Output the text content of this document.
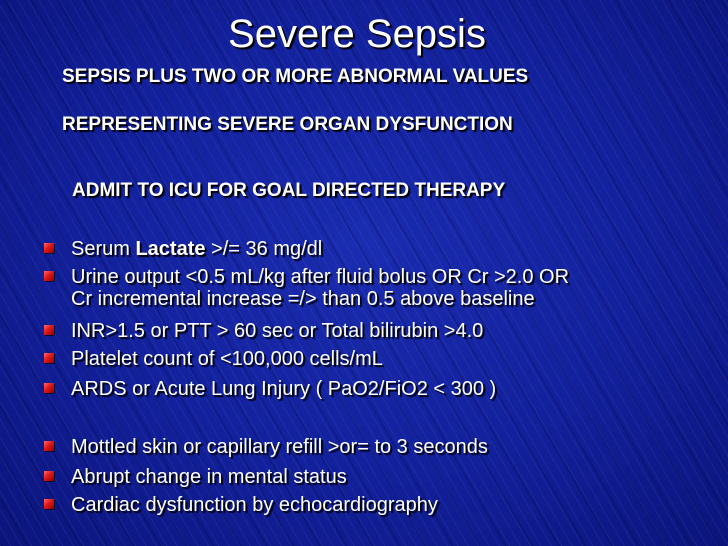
Severe Sepsis
SEPSIS PLUS TWO OR MORE ABNORMAL VALUES
REPRESENTING SEVERE ORGAN DYSFUNCTION
ADMIT TO ICU FOR GOAL DIRECTED THERAPY
Serum Lactate >/= 36 mg/dl
Urine output <0.5 mL/kg after fluid bolus OR Cr >2.0 OR
Cr incremental increase =/> than 0.5 above baseline
INR>1.5 or PTT > 60 sec or Total bilirubin >4.0
Platelet count of <100,000 cells/mL
ARDS or Acute Lung Injury ( PaO2/FiO2 < 300 )
Mottled skin or capillary refill >or= to 3 seconds
Abrupt change in mental status
Cardiac dysfunction by echocardiography
